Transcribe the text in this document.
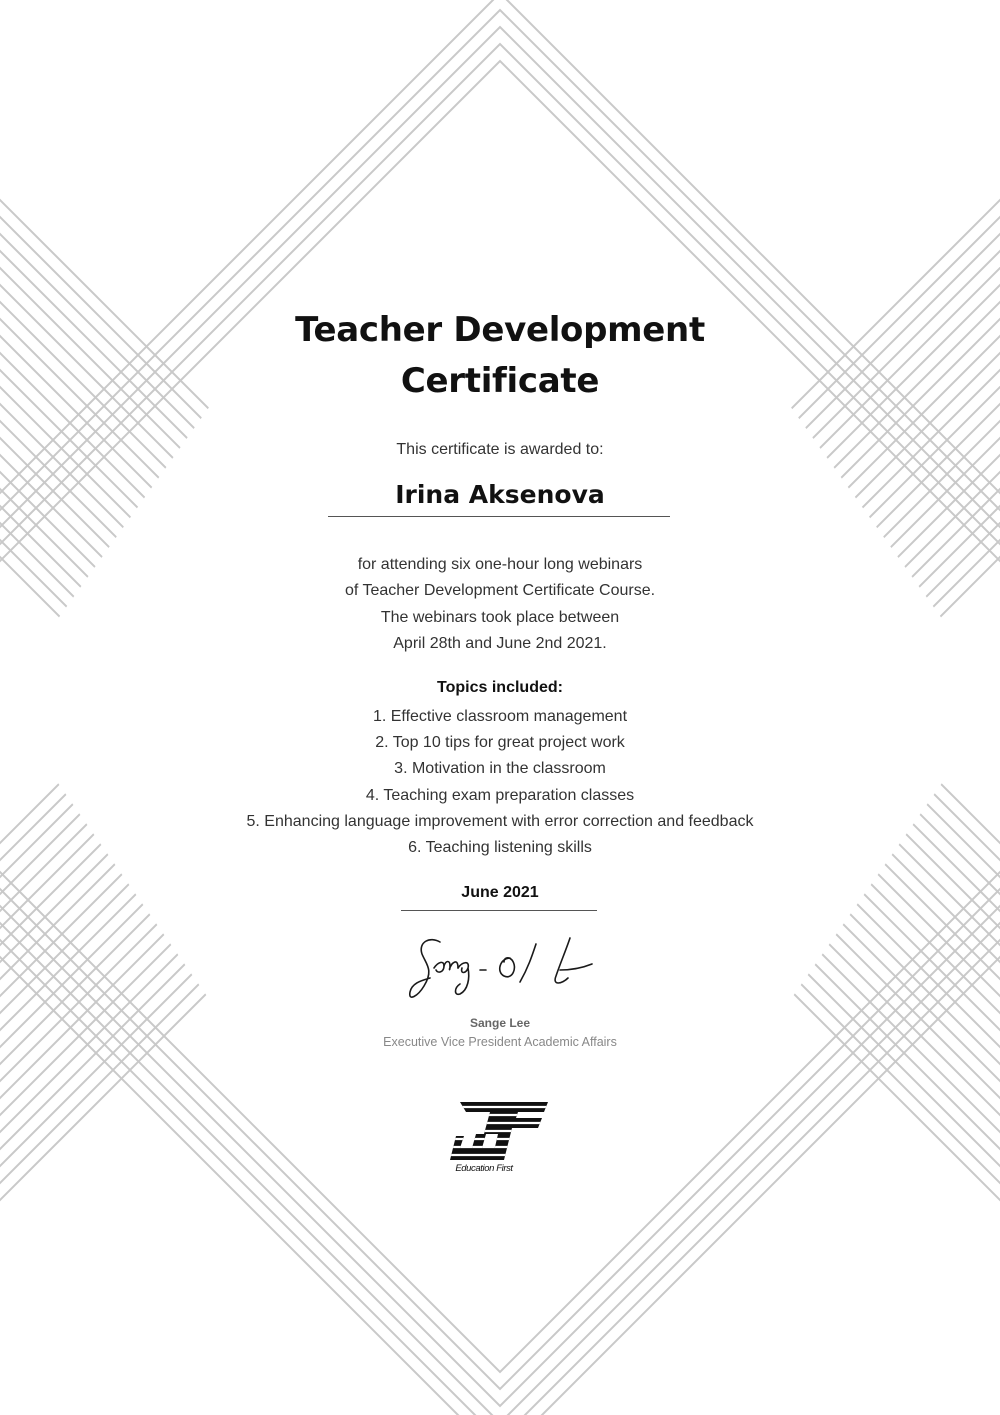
Teacher Development
Certificate
This certificate is awarded to:
Irina Aksenova
for attending six one-hour long webinars
of Teacher Development Certificate Course.
The webinars took place between
April 28th and June 2nd 2021.
Topics included:
1. Effective classroom management
2. Top 10 tips for great project work
3. Motivation in the classroom
4. Teaching exam preparation classes
5. Enhancing language improvement with error correction and feedback
6. Teaching listening skills
June 2021
Sange Lee
Executive Vice President Academic Affairs
Education First
